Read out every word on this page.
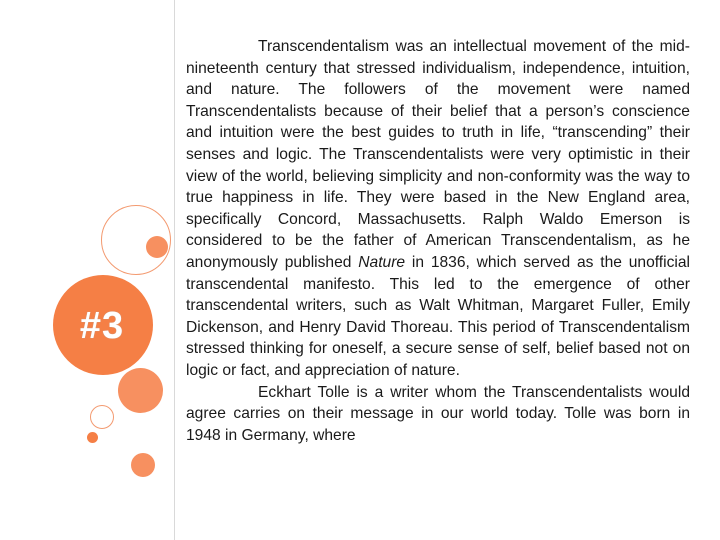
#3

Transcendentalism was an intellectual movement of the mid-nineteenth century that stressed individualism, independence, intuition, and nature. The followers of the movement were named Transcendentalists because of their belief that a person’s conscience and intuition were the best guides to truth in life, “transcending” their senses and logic. The Transcendentalists were very optimistic in their view of the world, believing simplicity and non-conformity was the way to true happiness in life. They were based in the New England area, specifically Concord, Massachusetts. Ralph Waldo Emerson is considered to be the father of American Transcendentalism, as he anonymously published Nature in 1836, which served as the unofficial transcendental manifesto. This led to the emergence of other transcendental writers, such as Walt Whitman, Margaret Fuller, Emily Dickenson, and Henry David Thoreau. This period of Transcendentalism stressed thinking for oneself, a secure sense of self, belief based not on logic or fact, and appreciation of nature.

Eckhart Tolle is a writer whom the Transcendentalists would agree carries on their message in our world today. Tolle was born in 1948 in Germany, where
